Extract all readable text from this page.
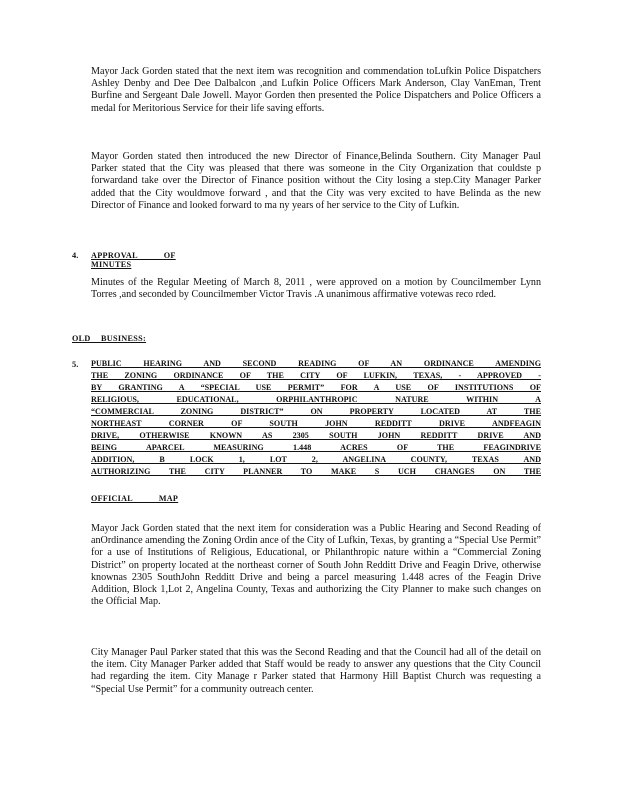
Mayor Jack Gorden stated that the next item was recognition and commendation toLufkin Police Dispatchers Ashley Denby and Dee Dee Dalbalcon ,and Lufkin Police Officers Mark Anderson, Clay VanEman, Trent Burfine and Sergeant Dale Jowell. Mayor Gorden then presented the Police Dispatchers and Police Officers a medal for Meritorious Service for their life saving efforts.

Mayor Gorden stated then introduced the new Director of Finance,Belinda Southern. City Manager Paul Parker stated that the City was pleased that there was someone in the City Organization that couldste p forwardand take over the Director of Finance position without the City losing a step.City Manager Parker added that the City wouldmove forward , and that the City was very excited to have Belinda as the new Director of Finance and looked forward to ma ny years of her service to the City of Lufkin.

4. APPROVAL OF MINUTES

Minutes of the Regular Meeting of March 8, 2011 , were approved on a motion by Councilmember Lynn Torres ,and seconded by Councilmember Victor Travis .A unanimous affirmative votewas reco rded.

OLD BUSINESS:
5. PUBLIC HEARING AND SECOND READING OF AN ORDINANCE AMENDING
THE ZONING ORDINANCE OF THE CITY OF LUFKIN, TEXAS, - APPROVED -
BY GRANTING A “SPECIAL USE PERMIT” FOR A USE OF INSTITUTIONS OF
RELIGIOUS, EDUCATIONAL, ORPHILANTHROPIC NATURE WITHIN A
“COMMERCIAL ZONING DISTRICT” ON PROPERTY LOCATED AT THE
NORTHEAST CORNER OF SOUTH JOHN REDDITT DRIVE ANDFEAGIN
DRIVE, OTHERWISE KNOWN AS 2305 SOUTH JOHN REDDITT DRIVE AND
BEING APARCEL MEASURING 1.448 ACRES OF THE FEAGINDRIVE
ADDITION, B LOCK 1, LOT 2, ANGELINA COUNTY, TEXAS AND
AUTHORIZING THE CITY PLANNER TO MAKE S UCH CHANGES ON THE
OFFICIAL MAP

Mayor Jack Gorden stated that the next item for consideration was a Public Hearing and Second Reading of anOrdinance amending the Zoning Ordin ance of the City of Lufkin, Texas, by granting a “Special Use Permit” for a use of Institutions of Religious, Educational, or Philanthropic nature within a “Commercial Zoning District” on property located at the northeast corner of South John Redditt Drive and Feagin Drive, otherwise knownas 2305 SouthJohn Redditt Drive and being a parcel measuring 1.448 acres of the Feagin Drive Addition, Block 1,Lot 2, Angelina County, Texas and authorizing the City Planner to make such changes on the Official Map.

City Manager Paul Parker stated that this was the Second Reading and that the Council had all of the detail on the item. City Manager Parker added that Staff would be ready to answer any questions that the City Council had regarding the item. City Manage r Parker stated that Harmony Hill Baptist Church was requesting a “Special Use Permit” for a community outreach center.
